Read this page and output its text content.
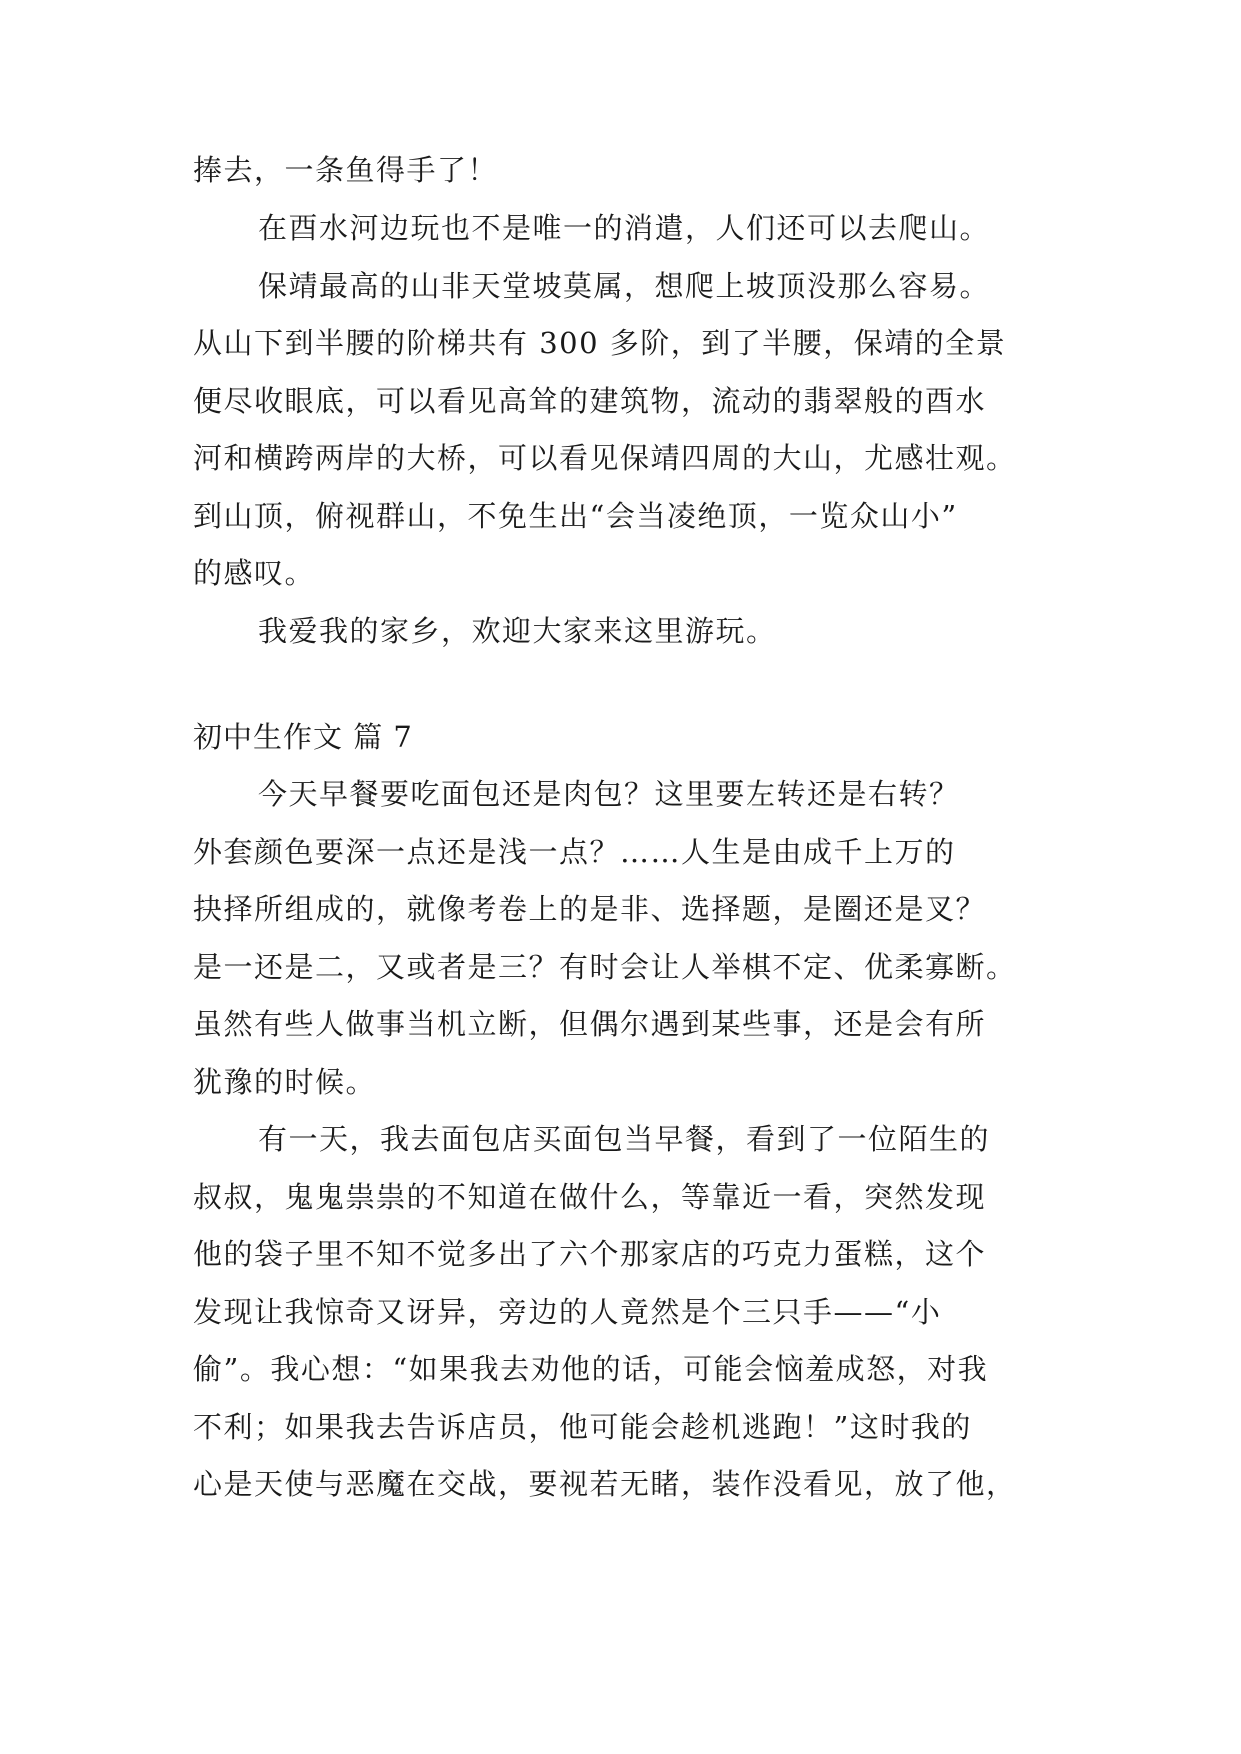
捧去，一条鱼得手了！
在酉水河边玩也不是唯一的消遣，人们还可以去爬山。
保靖最高的山非天堂坡莫属，想爬上坡顶没那么容易。
从山下到半腰的阶梯共有 300 多阶，到了半腰，保靖的全景
便尽收眼底，可以看见高耸的建筑物，流动的翡翠般的酉水
河和横跨两岸的大桥，可以看见保靖四周的大山，尤感壮观。
到山顶，俯视群山，不免生出“会当凌绝顶，一览众山小”
的感叹。
我爱我的家乡，欢迎大家来这里游玩。
初中生作文 篇 7
今天早餐要吃面包还是肉包？这里要左转还是右转？
外套颜色要深一点还是浅一点？……人生是由成千上万的
抉择所组成的，就像考卷上的是非、选择题，是圈还是叉？
是一还是二，又或者是三？有时会让人举棋不定、优柔寡断。
虽然有些人做事当机立断，但偶尔遇到某些事，还是会有所
犹豫的时候。
有一天，我去面包店买面包当早餐，看到了一位陌生的
叔叔，鬼鬼祟祟的不知道在做什么，等靠近一看，突然发现
他的袋子里不知不觉多出了六个那家店的巧克力蛋糕，这个
发现让我惊奇又讶异，旁边的人竟然是个三只手——“小
偷”。我心想：“如果我去劝他的话，可能会恼羞成怒，对我
不利；如果我去告诉店员，他可能会趁机逃跑！”这时我的
心是天使与恶魔在交战，要视若无睹，装作没看见，放了他，
